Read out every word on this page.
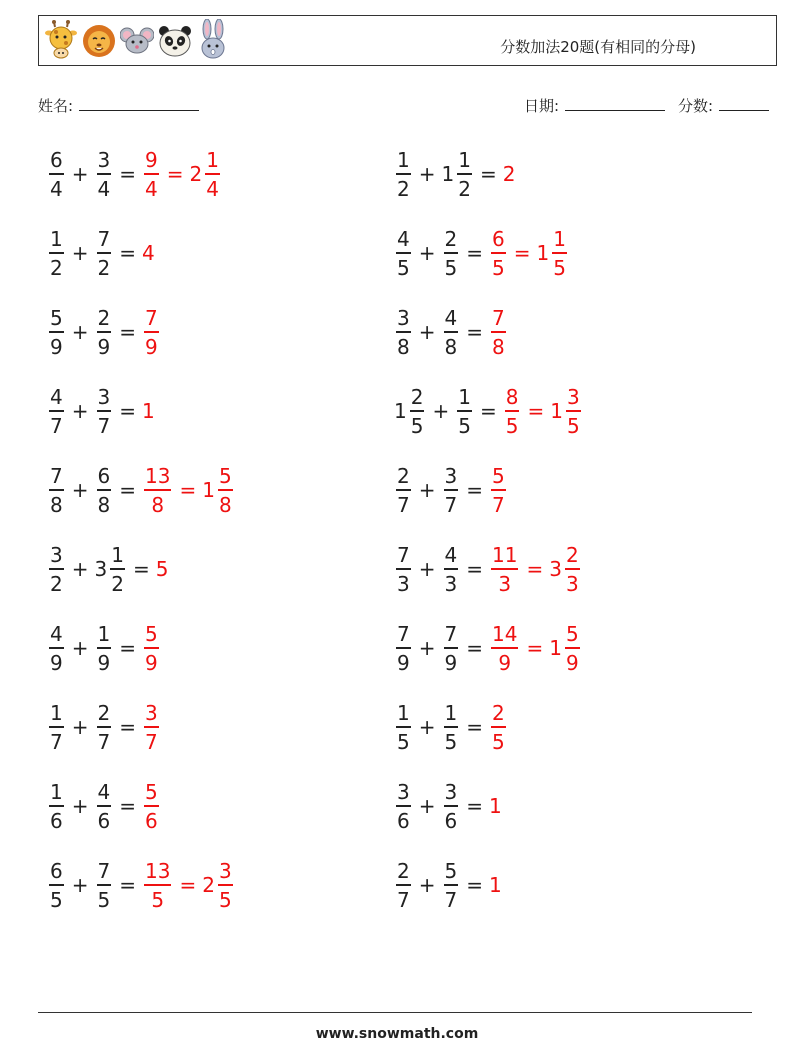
分数加法20题(有相同的分母)
姓名:	日期:	分数:
$\frac{6}{4} + \frac{3}{4} = \frac{9}{4} = 2 \frac{1}{4}$	$\frac{1}{2} + 1 \frac{1}{2} = 2$
$\frac{1}{2} + \frac{7}{2} = 4$	$\frac{4}{5} + \frac{2}{5} = \frac{6}{5} = 1 \frac{1}{5}$
$\frac{5}{9} + \frac{2}{9} = \frac{7}{9}$	$\frac{3}{8} + \frac{4}{8} = \frac{7}{8}$
$\frac{4}{7} + \frac{3}{7} = 1$	$1 \frac{2}{5} + \frac{1}{5} = \frac{8}{5} = 1 \frac{3}{5}$
$\frac{7}{8} + \frac{6}{8} = \frac{13}{8} = 1 \frac{5}{8}$	$\frac{2}{7} + \frac{3}{7} = \frac{5}{7}$
$\frac{3}{2} + 3 \frac{1}{2} = 5$	$\frac{7}{3} + \frac{4}{3} = \frac{11}{3} = 3 \frac{2}{3}$
$\frac{4}{9} + \frac{1}{9} = \frac{5}{9}$	$\frac{7}{9} + \frac{7}{9} = \frac{14}{9} = 1 \frac{5}{9}$
$\frac{1}{7} + \frac{2}{7} = \frac{3}{7}$	$\frac{1}{5} + \frac{1}{5} = \frac{2}{5}$
$\frac{1}{6} + \frac{4}{6} = \frac{5}{6}$	$\frac{3}{6} + \frac{3}{6} = 1$
$\frac{6}{5} + \frac{7}{5} = \frac{13}{5} = 2 \frac{3}{5}$	$\frac{2}{7} + \frac{5}{7} = 1$
www.snowmath.com
